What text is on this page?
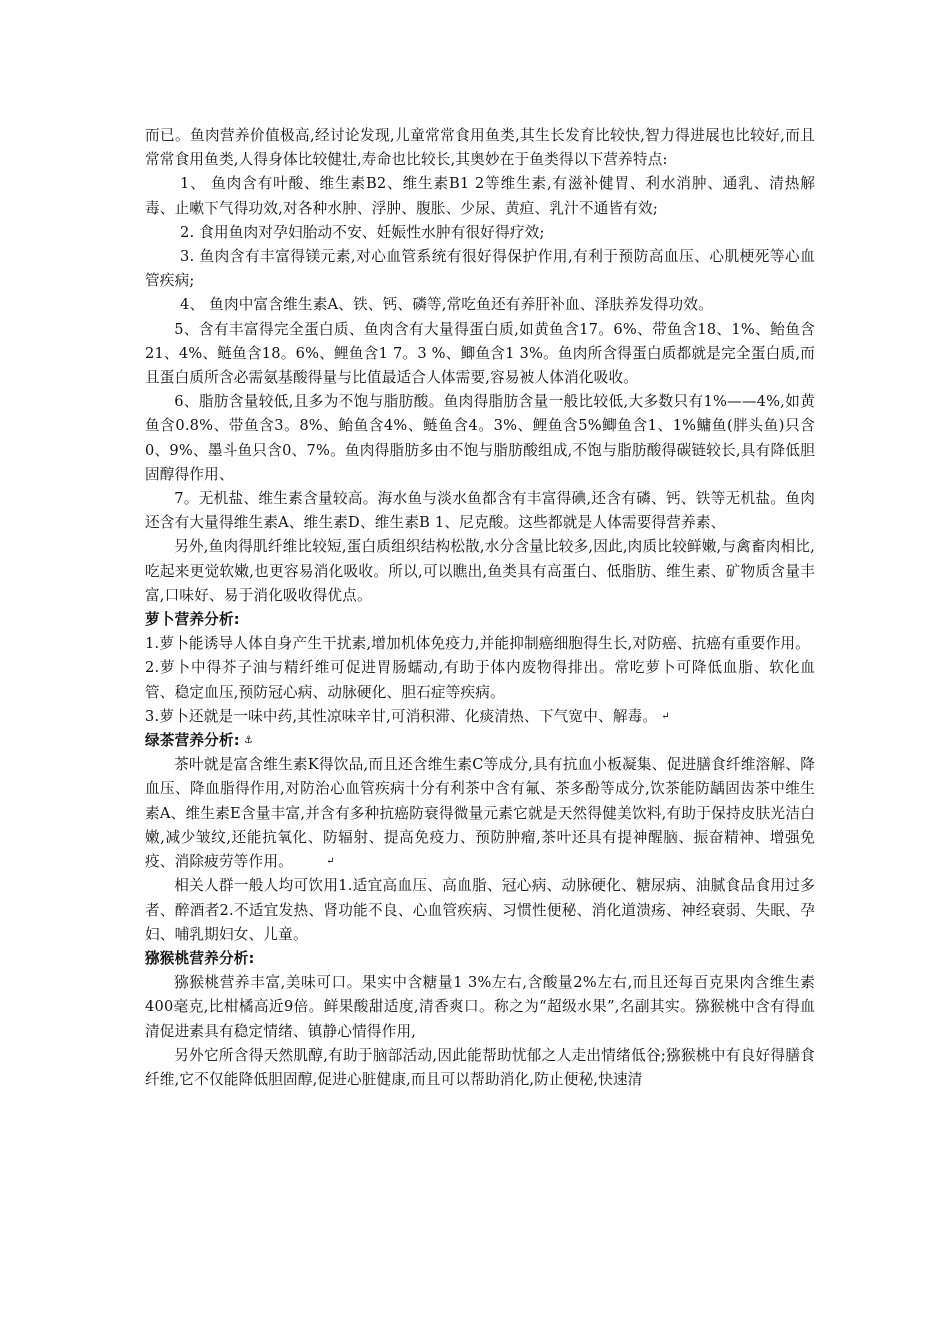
而已。鱼肉营养价值极高,经讨论发现,儿童常常食用鱼类,其生长发育比较快,智力得进展也比较好,而且常常食用鱼类,人得身体比较健壮,寿命也比较长,其奥妙在于鱼类得以下营养特点:

1、 鱼肉含有叶酸、维生素B2、维生素B1 2等维生素,有滋补健胃、利水消肿、通乳、清热解毒、止嗽下气得功效,对各种水肿、浮肿、腹胀、少尿、黄疸、乳汁不通皆有效;

2. 食用鱼肉对孕妇胎动不安、妊娠性水肿有很好得疗效;

3. 鱼肉含有丰富得镁元素,对心血管系统有很好得保护作用,有利于预防高血压、心肌梗死等心血管疾病;

4、 鱼肉中富含维生素A、铁、钙、磷等,常吃鱼还有养肝补血、泽肤养发得功效。

5、含有丰富得完全蛋白质、鱼肉含有大量得蛋白质,如黄鱼含17。6%、带鱼含18、1%、鲐鱼含21、4%、鲢鱼含18。6%、鲤鱼含1 7。3 %、鲫鱼含1 3%。鱼肉所含得蛋白质都就是完全蛋白质,而且蛋白质所含必需氨基酸得量与比值最适合人体需要,容易被人体消化吸收。

6、脂肪含量较低,且多为不饱与脂肪酸。鱼肉得脂肪含量一般比较低,大多数只有1%——4%,如黄鱼含0.8%、带鱼含3。8%、鲐鱼含4%、鲢鱼含4。3%、鲤鱼含5%鲫鱼含1、1%鳙鱼(胖头鱼)只含0、9%、墨斗鱼只含0、7%。鱼肉得脂肪多由不饱与脂肪酸组成,不饱与脂肪酸得碳链较长,具有降低胆固醇得作用、

7。无机盐、维生素含量较高。海水鱼与淡水鱼都含有丰富得碘,还含有磷、钙、铁等无机盐。鱼肉还含有大量得维生素A、维生素D、维生素B 1、尼克酸。这些都就是人体需要得营养素、

另外,鱼肉得肌纤维比较短,蛋白质组织结构松散,水分含量比较多,因此,肉质比较鲜嫩,与禽畜肉相比,吃起来更觉软嫩,也更容易消化吸收。所以,可以瞧出,鱼类具有高蛋白、低脂肪、维生素、矿物质含量丰富,口味好、易于消化吸收得优点。

萝卜营养分析:

1.萝卜能诱导人体自身产生干扰素,增加机体免疫力,并能抑制癌细胞得生长,对防癌、抗癌有重要作用。

2.萝卜中得芥子油与精纤维可促进胃肠蠕动,有助于体内废物得排出。常吃萝卜可降低血脂、软化血管、稳定血压,预防冠心病、动脉硬化、胆石症等疾病。

3.萝卜还就是一味中药,其性凉味辛甘,可消积滞、化痰清热、下气宽中、解毒。 ↵

绿茶营养分析: ⚓

茶叶就是富含维生素K得饮品,而且还含维生素C等成分,具有抗血小板凝集、促进膳食纤维溶解、降血压、降血脂得作用,对防治心血管疾病十分有利茶中含有氟、茶多酚等成分,饮茶能防龋固齿茶中维生素A、维生素E含量丰富,并含有多种抗癌防衰得微量元素它就是天然得健美饮料,有助于保持皮肤光洁白嫩,减少皱纹,还能抗氧化、防辐射、提高免疫力、预防肿瘤,茶叶还具有提神醒脑、振奋精神、增强免疫、消除疲劳等作用。	↵

相关人群一般人均可饮用1.适宜高血压、高血脂、冠心病、动脉硬化、糖尿病、油腻食品食用过多者、醉酒者2.不适宜发热、肾功能不良、心血管疾病、习惯性便秘、消化道溃疡、神经衰弱、失眠、孕妇、哺乳期妇女、儿童。

猕猴桃营养分析:

猕猴桃营养丰富,美味可口。果实中含糖量1 3%左右,含酸量2%左右,而且还每百克果肉含维生素400毫克,比柑橘高近9倍。鲜果酸甜适度,清香爽口。称之为“超级水果”,名副其实。猕猴桃中含有得血清促进素具有稳定情绪、镇静心情得作用,

另外它所含得天然肌醇,有助于脑部活动,因此能帮助忧郁之人走出情绪低谷;猕猴桃中有良好得膳食纤维,它不仅能降低胆固醇,促进心脏健康,而且可以帮助消化,防止便秘,快速清
